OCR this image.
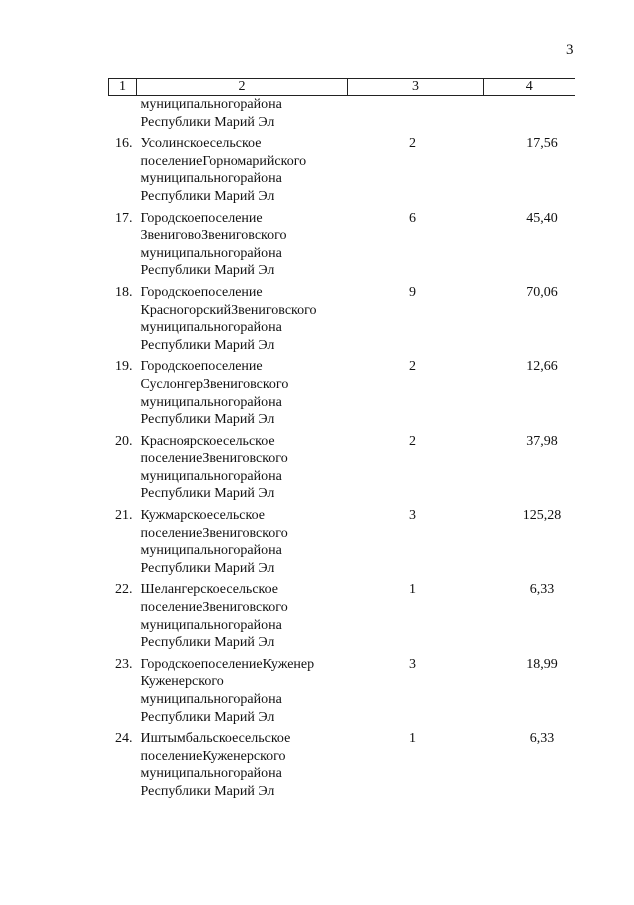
3
1	2	3	4

	муниципальногорайона
Республики Марий Эл		

16.	Усолинскоесельское
поселениеГорномарийского
муниципальногорайона
Республики Марий Эл	2	17,56
17.	Городскоепоселение
ЗвениговоЗвениговского
муниципальногорайона
Республики Марий Эл	6	45,40
18.	Городскоепоселение
КрасногорскийЗвениговского
муниципальногорайона
Республики Марий Эл	9	70,06
19.	Городскоепоселение
СуслонгерЗвениговского
муниципальногорайона
Республики Марий Эл	2	12,66
20.	Красноярскоесельское
поселениеЗвениговского
муниципальногорайона
Республики Марий Эл	2	37,98
21.	Кужмарскоесельское
поселениеЗвениговского
муниципальногорайона
Республики Марий Эл	3	125,28
22.	Шелангерскоесельское
поселениеЗвениговского
муниципальногорайона
Республики Марий Эл	1	6,33
23.	ГородскоепоселениеКуженер
Куженерского
муниципальногорайона
Республики Марий Эл	3	18,99
24.	Иштымбальскоесельское
поселениеКуженерского
муниципальногорайона
Республики Марий Эл	1	6,33
